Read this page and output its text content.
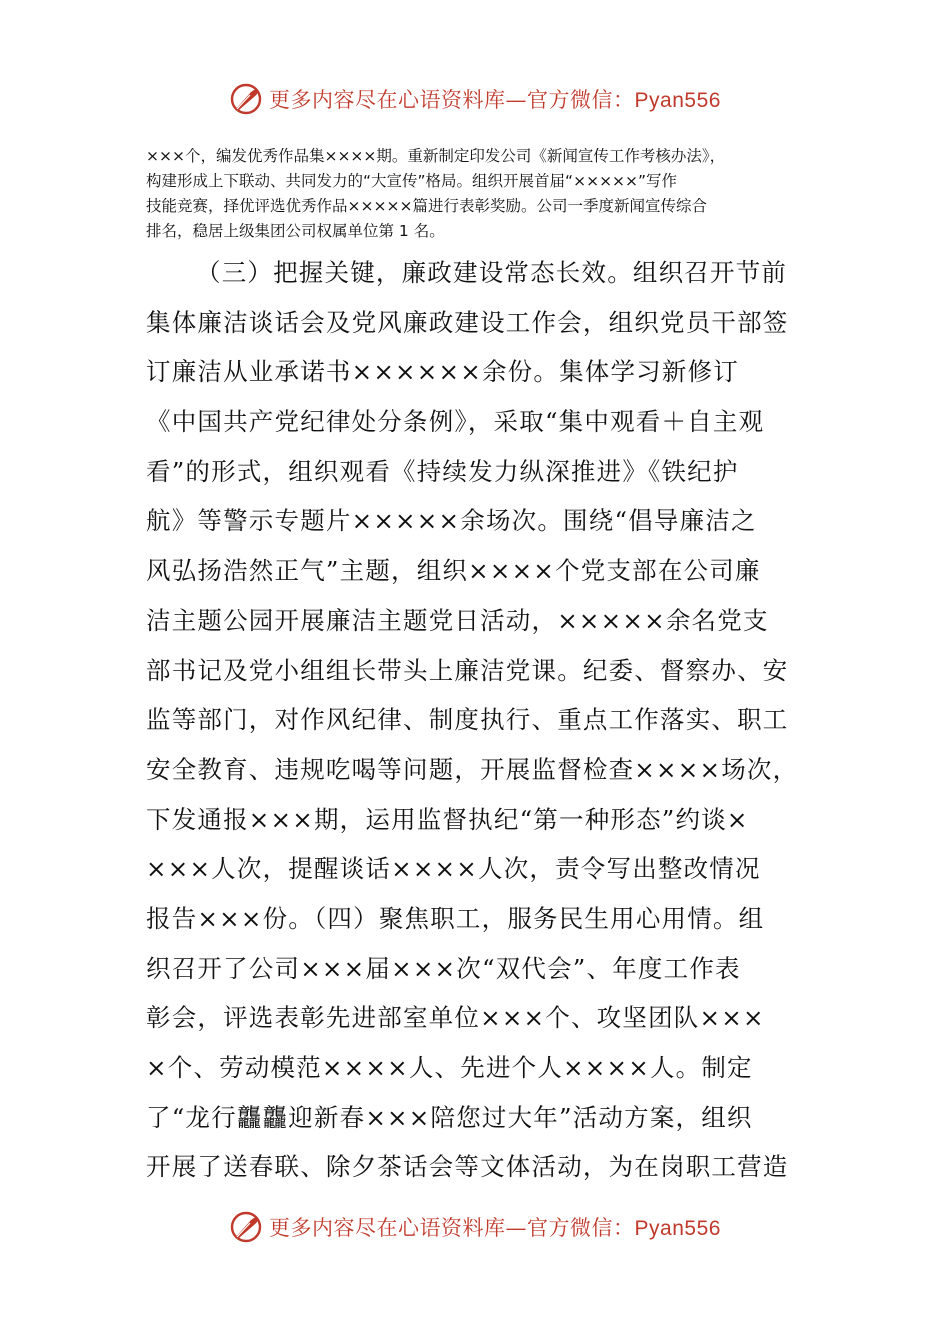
更多内容尽在心语资料库—官方微信：Pyan556
×××个，编发优秀作品集××××期。重新制定印发公司《新闻宣传工作考核办法》，
构建形成上下联动、共同发力的“大宣传”格局。组织开展首届“×××××”写作
技能竞赛，择优评选优秀作品×××××篇进行表彰奖励。公司一季度新闻宣传综合
排名，稳居上级集团公司权属单位第 1 名。
（三）把握关键，廉政建设常态长效。组织召开节前
集体廉洁谈话会及党风廉政建设工作会，组织党员干部签
订廉洁从业承诺书××××××余份。集体学习新修订
《中国共产党纪律处分条例》，采取“集中观看＋自主观
看”的形式，组织观看《持续发力纵深推进》《铁纪护
航》等警示专题片×××××余场次。围绕“倡导廉洁之
风弘扬浩然正气”主题，组织××××个党支部在公司廉
洁主题公园开展廉洁主题党日活动，×××××余名党支
部书记及党小组组长带头上廉洁党课。纪委、督察办、安
监等部门，对作风纪律、制度执行、重点工作落实、职工
安全教育、违规吃喝等问题，开展监督检查××××场次，
下发通报×××期，运用监督执纪“第一种形态”约谈×
×××人次，提醒谈话××××人次，责令写出整改情况
报告×××份。（四）聚焦职工，服务民生用心用情。组
织召开了公司×××届×××次“双代会”、年度工作表
彰会，评选表彰先进部室单位×××个、攻坚团队×××
×个、劳动模范××××人、先进个人××××人。制定
了“龙行龘龘迎新春×××陪您过大年”活动方案，组织
开展了送春联、除夕茶话会等文体活动，为在岗职工营造
更多内容尽在心语资料库—官方微信：Pyan556
